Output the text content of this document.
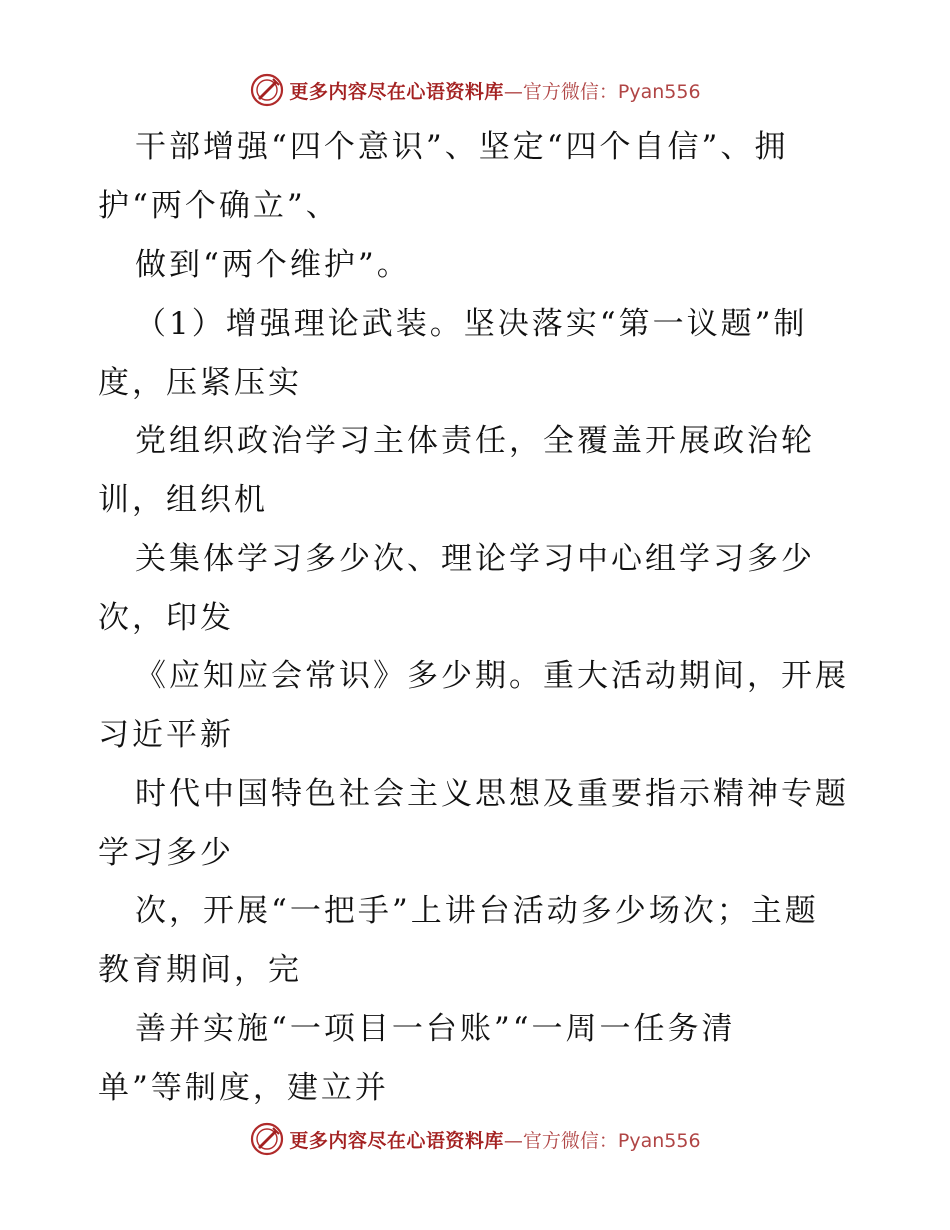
更多内容尽在心语资料库 —官方微信：Pyan556
干部增强“四个意识”、坚定“四个自信”、拥
护“两个确立”、
做到“两个维护”。
（1）增强理论武装。坚决落实“第一议题”制
度，压紧压实
党组织政治学习主体责任，全覆盖开展政治轮
训，组织机
关集体学习多少次、理论学习中心组学习多少
次，印发
《应知应会常识》多少期。重大活动期间，开展
习近平新
时代中国特色社会主义思想及重要指示精神专题
学习多少
次，开展“一把手”上讲台活动多少场次；主题
教育期间，完
善并实施“一项目一台账”“一周一任务清
单”等制度，建立并
更多内容尽在心语资料库 —官方微信：Pyan556
